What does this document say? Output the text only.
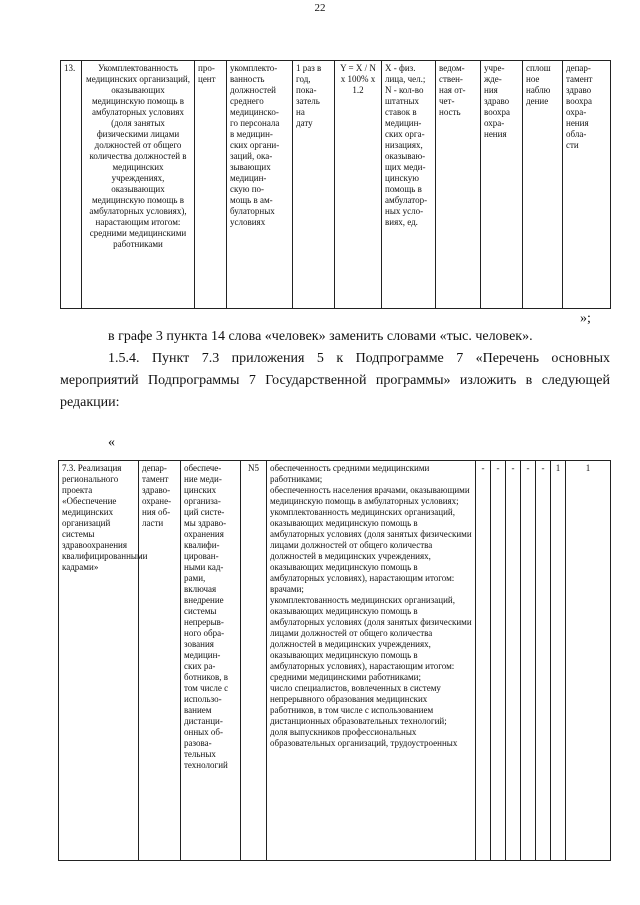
22
13.	Укомплектованность медицинских организаций, оказывающих медицинскую помощь в амбулаторных условиях (доля занятых физическими лицами должностей от общего количества должностей в медицинских учреждениях, оказывающих медицинскую помощь в амбулаторных условиях), нарастающим итогом: средними медицинскими работниками	про-
цент	укомплекто-
ванность
должностей
среднего
медицинско-
го персонала
в медицин-
ских органи-
заций, ока-
зывающих
медицин-
скую по-
мощь в ам-
булаторных
условиях	1 раз в
год,
пока-
затель
на
дату	Y = X / N
x 100% x
1.2	X - физ.
лица, чел.;
N - кол-во
штатных
ставок в
медицин-
ских орга-
низациях,
оказываю-
щих меди-
цинскую
помощь в
амбулатор-
ных усло-
виях, ед.	ведом-
ствен-
ная от-
чет-
ность	учре-
жде-
ния
здраво
воохра
охра-
нения	сплош
ное
наблю
дение	депар-
тамент
здраво
воохра
охра-
нения
обла-
сти
»;
в графе 3 пункта 14 слова «человек» заменить словами «тыс. человек».
1.5.4. Пункт 7.3 приложения 5 к Подпрограмме 7 «Перечень основных мероприятий Подпрограммы 7 Государственной программы» изложить в следующей редакции:
«
7.3. Реализация регионального проекта «Обеспечение медицинских организаций системы здравоохранения квалифицированными кадрами»	депар-
тамент
здраво-
охране-
ния об-
ласти	обеспече-
ние меди-
цинских
организа-
ций систе-
мы здраво-
охранения
квалифи-
цирован-
ными кад-
рами,
включая
внедрение
системы
непрерыв-
ного обра-
зования
медицин-
ских ра-
ботников, в
том числе с
использо-
ванием
дистанци-
онных об-
разова-
тельных
технологий	N5	обеспеченность средними медицинскими работниками;
обеспеченность населения врачами, оказывающими медицинскую помощь в амбулаторных условиях;
укомплектованность медицинских организаций, оказывающих медицинскую помощь в амбулаторных условиях (доля занятых физическими лицами должностей от общего количества должностей в медицинских учреждениях, оказывающих медицинскую помощь в амбулаторных условиях), нарастающим итогом: врачами;
укомплектованность медицинских организаций, оказывающих медицинскую помощь в амбулаторных условиях (доля занятых физическими лицами должностей от общего количества должностей в медицинских учреждениях, оказывающих медицинскую помощь в амбулаторных условиях), нарастающим итогом: средними медицинскими работниками;
число специалистов, вовлеченных в систему непрерывного образования медицинских работников, в том числе с использованием дистанционных образовательных технологий;
доля выпускников профессиональных образовательных организаций, трудоустроенных	-	-	-	-	-	1	1
